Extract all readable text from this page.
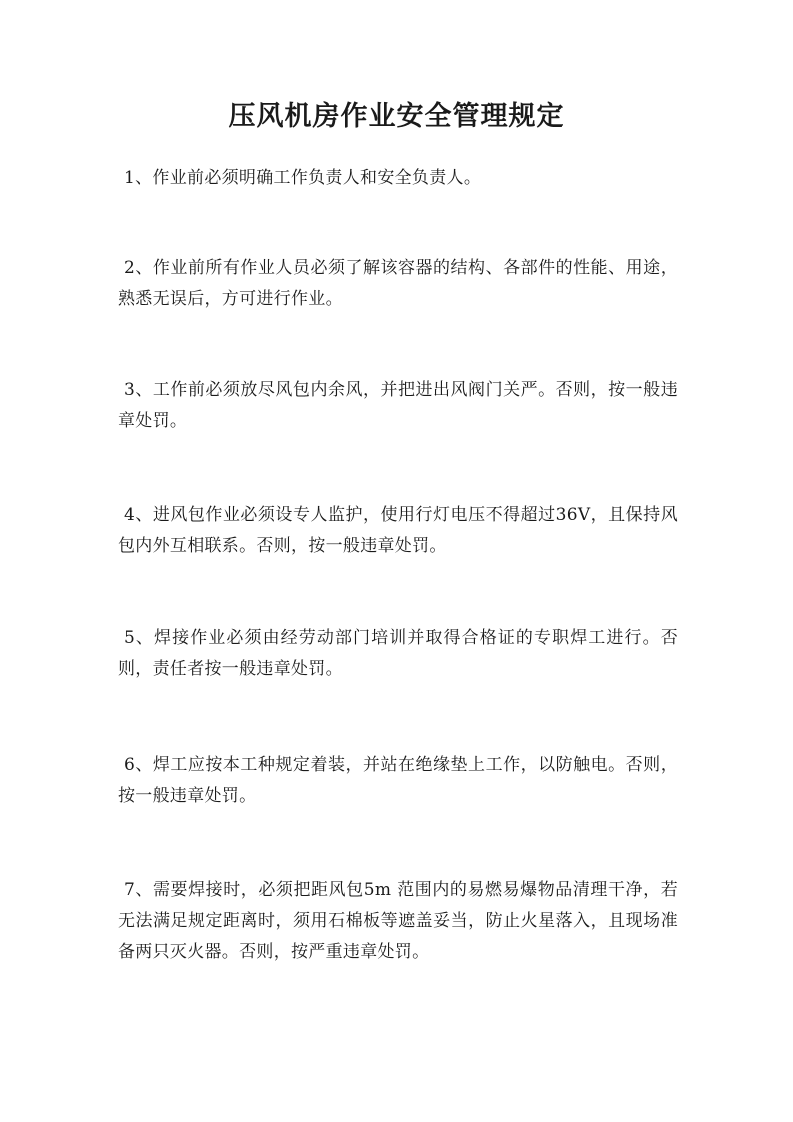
压风机房作业安全管理规定

1、作业前必须明确工作负责人和安全负责人。

2、作业前所有作业人员必须了解该容器的结构、各部件的性能、用途，熟悉无误后，方可进行作业。

3、工作前必须放尽风包内余风，并把进出风阀门关严。否则，按一般违章处罚。

4、进风包作业必须设专人监护，使用行灯电压不得超过36V，且保持风包内外互相联系。否则，按一般违章处罚。

5、焊接作业必须由经劳动部门培训并取得合格证的专职焊工进行。否则，责任者按一般违章处罚。

6、焊工应按本工种规定着装，并站在绝缘垫上工作，以防触电。否则，按一般违章处罚。

7、需要焊接时，必须把距风包5m 范围内的易燃易爆物品清理干净，若无法满足规定距离时，须用石棉板等遮盖妥当，防止火星落入，且现场准备两只灭火器。否则，按严重违章处罚。
